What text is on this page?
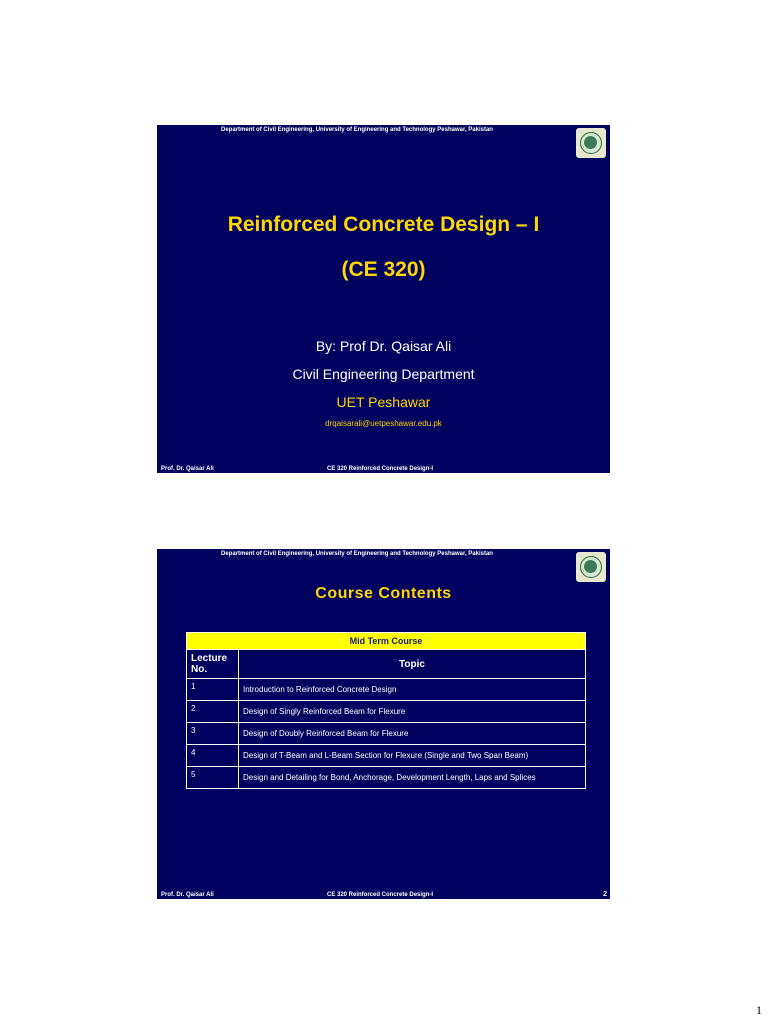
Department of Civil Engineering, University of Engineering and Technology Peshawar, Pakistan
Reinforced Concrete Design – I
(CE 320)
By: Prof Dr. Qaisar Ali
Civil Engineering Department
UET Peshawar
drqaisarali@uetpeshawar.edu.pk
Prof. Dr. Qaisar Ali	CE 320 Reinforced Concrete Design-I
Department of Civil Engineering, University of Engineering and Technology Peshawar, Pakistan
Course Contents
Mid Term Course	
Lecture No.	Topic
1	Introduction to Reinforced Concrete Design
2	Design of Singly Reinforced Beam for Flexure
3	Design of Doubly Reinforced Beam for Flexure
4	Design of T-Beam and L-Beam Section for Flexure (Single and Two Span Beam)
5	Design and Detailing for Bond, Anchorage, Development Length, Laps and Splices
Prof. Dr. Qaisar Ali	CE 320 Reinforced Concrete Design-I	2
1
